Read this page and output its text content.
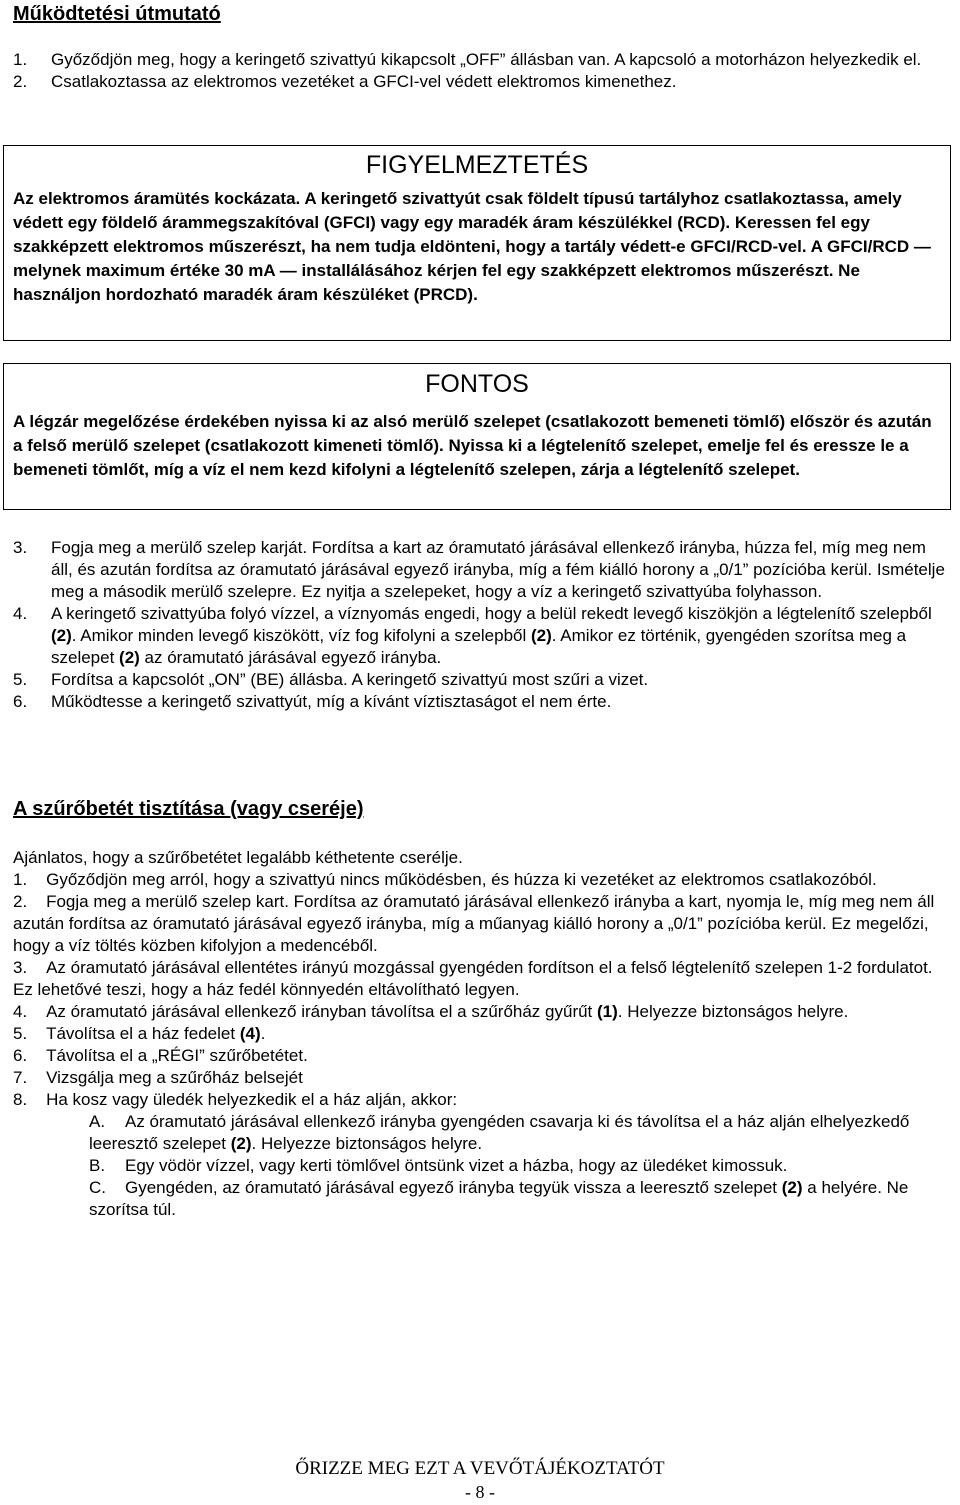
Működtetési útmutató
1.	Győződjön meg, hogy a keringető szivattyú kikapcsolt „OFF” állásban van. A kapcsoló a motorházon helyezkedik el.
2.	Csatlakoztassa az elektromos vezetéket a GFCI-vel védett elektromos kimenethez.

FIGYELMEZTETÉS

Az elektromos áramütés kockázata. A keringető szivattyút csak földelt típusú tartályhoz csatlakoztassa, amely védett egy földelő árammegszakítóval (GFCI) vagy egy maradék áram készülékkel (RCD). Keressen fel egy szakképzett elektromos műszerészt, ha nem tudja eldönteni, hogy a tartály védett-e GFCI/RCD-vel. A GFCI/RCD — melynek maximum értéke 30 mA — installálásához kérjen fel egy szakképzett elektromos műszerészt. Ne használjon hordozható maradék áram készüléket (PRCD).

FONTOS

A légzár megelőzése érdekében nyissa ki az alsó merülő szelepet (csatlakozott bemeneti tömlő) először és azután a felső merülő szelepet (csatlakozott kimeneti tömlő). Nyissa ki a légtelenítő szelepet, emelje fel és eressze le a bemeneti tömlőt, míg a víz el nem kezd kifolyni a légtelenítő szelepen, zárja a légtelenítő szelepet.
3.	Fogja meg a merülő szelep karját. Fordítsa a kart az óramutató járásával ellenkező irányba, húzza fel, míg meg nem áll, és azután fordítsa az óramutató járásával egyező irányba, míg a fém kiálló horony a „0/1” pozícióba kerül. Ismételje meg a második merülő szelepre. Ez nyitja a szelepeket, hogy a víz a keringető szivattyúba folyhasson.
4.	A keringető szivattyúba folyó vízzel, a víznyomás engedi, hogy a belül rekedt levegő kiszökjön a légtelenítő szelepből (2). Amikor minden levegő kiszökött, víz fog kifolyni a szelepből (2). Amikor ez történik, gyengéden szorítsa meg a szelepet (2) az óramutató járásával egyező irányba.
5.	Fordítsa a kapcsolót „ON” (BE) állásba. A keringető szivattyú most szűri a vizet.
6.	Működtesse a keringető szivattyút, míg a kívánt víztisztaságot el nem érte.
A szűrőbetét tisztítása (vagy cseréje)
Ajánlatos, hogy a szűrőbetétet legalább kéthetente cserélje.
1. Győződjön meg arról, hogy a szivattyú nincs működésben, és húzza ki vezetéket az elektromos csatlakozóból.
2. Fogja meg a merülő szelep kart. Fordítsa az óramutató járásával ellenkező irányba a kart, nyomja le, míg meg nem áll azután fordítsa az óramutató járásával egyező irányba, míg a műanyag kiálló horony a „0/1” pozícióba kerül. Ez megelőzi, hogy a víz töltés közben kifolyjon a medencéből.
3. Az óramutató járásával ellentétes irányú mozgással gyengéden fordítson el a felső légtelenítő szelepen 1-2 fordulatot. Ez lehetővé teszi, hogy a ház fedél könnyedén eltávolítható legyen.
4. Az óramutató járásával ellenkező irányban távolítsa el a szűrőház gyűrűt (1). Helyezze biztonságos helyre.
5. Távolítsa el a ház fedelet (4).
6. Távolítsa el a „RÉGI” szűrőbetétet.
7. Vizsgálja meg a szűrőház belsejét
8. Ha kosz vagy üledék helyezkedik el a ház alján, akkor:
A.	Az óramutató járásával ellenkező irányba gyengéden csavarja ki és távolítsa el a ház alján elhelyezkedő leeresztő szelepet (2). Helyezze biztonságos helyre.
B.	Egy vödör vízzel, vagy kerti tömlővel öntsünk vizet a házba, hogy az üledéket kimossuk.
C.	Gyengéden, az óramutató járásával egyező irányba tegyük vissza a leeresztő szelepet (2) a helyére. Ne szorítsa túl.
ŐRIZZE MEG EZT A VEVŐTÁJÉKOZTATÓT
- 8 -
